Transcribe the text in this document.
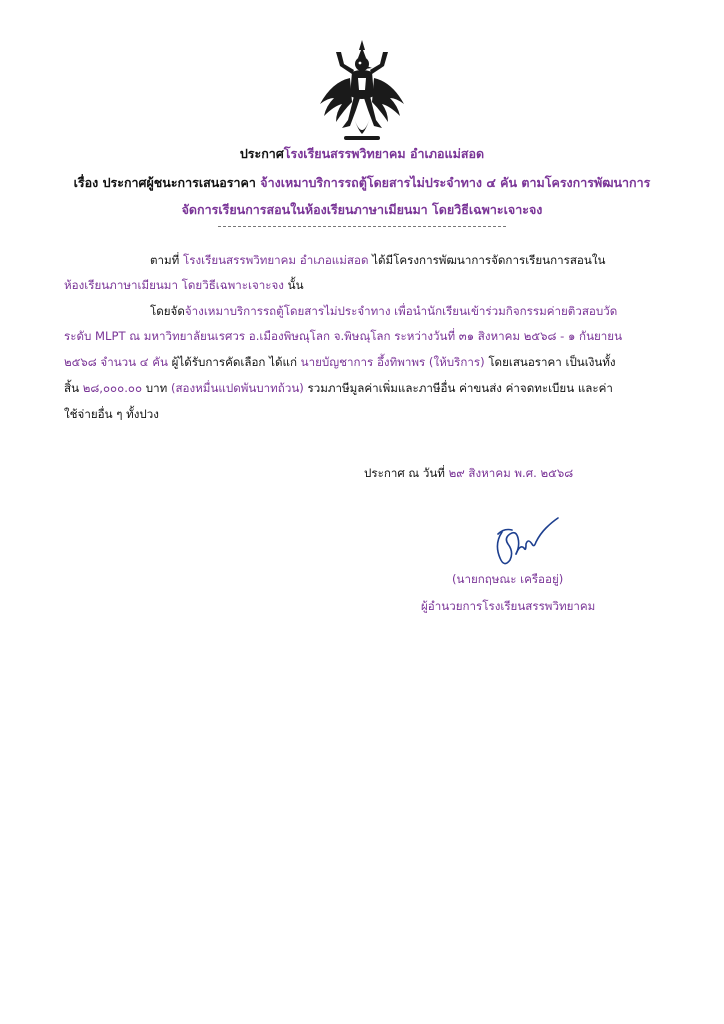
ประกาศโรงเรียนสรรพวิทยาคม อำเภอแม่สอด
เรื่อง ประกาศผู้ชนะการเสนอราคา จ้างเหมาบริการรถตู้โดยสารไม่ประจำทาง ๔ คัน ตามโครงการพัฒนาการ
จัดการเรียนการสอนในห้องเรียนภาษาเมียนมา โดยวิธีเฉพาะเจาะจง
ตามที่ โรงเรียนสรรพวิทยาคม อำเภอแม่สอด ได้มีโครงการพัฒนาการจัดการเรียนการสอนใน
ห้องเรียนภาษาเมียนมา โดยวิธีเฉพาะเจาะจง นั้น
โดยจัดจ้างเหมาบริการรถตู้โดยสารไม่ประจำทาง เพื่อนำนักเรียนเข้าร่วมกิจกรรมค่ายติวสอบวัด
ระดับ MLPT ณ มหาวิทยาลัยนเรศวร อ.เมืองพิษณุโลก จ.พิษณุโลก ระหว่างวันที่ ๓๑ สิงหาคม ๒๕๖๘ - ๑ กันยายน
๒๕๖๘ จำนวน ๔ คัน ผู้ได้รับการคัดเลือก ได้แก่ นายบัญชาการ อึ้งทิพาพร (ให้บริการ) โดยเสนอราคา เป็นเงินทั้ง
สิ้น ๒๘,๐๐๐.๐๐ บาท (สองหมื่นแปดพันบาทถ้วน) รวมภาษีมูลค่าเพิ่มและภาษีอื่น ค่าขนส่ง ค่าจดทะเบียน และค่า
ใช้จ่ายอื่น ๆ ทั้งปวง
ประกาศ ณ วันที่ ๒๙ สิงหาคม พ.ศ. ๒๕๖๘
(นายกฤษณะ เครืออยู่)
ผู้อำนวยการโรงเรียนสรรพวิทยาคม
